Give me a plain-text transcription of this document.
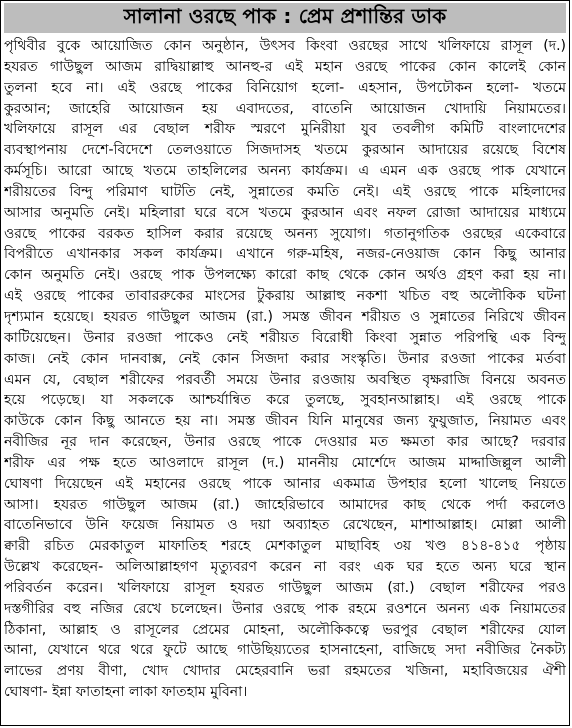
সালানা ওরছে পাক : প্রেম প্রশান্তির ডাক
পৃথিবীর বুকে আয়োজিত কোন অনুষ্ঠান, উৎসব কিংবা ওরছের সাথে খলিফায়ে রাসূল (দ.)
হযরত গাউছুল আজম রাদ্বিয়াল্লাহু আনহু-র এই মহান ওরছে পাকের কোন কালেই কোন
তুলনা হবে না। এই ওরছে পাকের বিনিয়োগ হলো- এহসান, উপঢৌকন হলো- খতমে
কুরআন; জাহেরি আয়োজন হয় এবাদতের, বাতেনি আয়োজন খোদায়ি নিয়ামতের।
খলিফায়ে রাসূল এর বেছাল শরীফ স্মরণে মুনিরীয়া যুব তবলীগ কমিটি বাংলাদেশের
ব্যবস্থাপনায় দেশে-বিদেশে তেলওয়াতে সিজদাসহ খতমে কুরআন আদায়ের রয়েছে বিশেষ
কর্মসূচি। আরো আছে খতমে তাহলিলের অনন্য কার্যক্রম। এ এমন এক ওরছে পাক যেখানে
শরীয়তের বিন্দু পরিমাণ ঘাটতি নেই, সুন্নাতের কমতি নেই। এই ওরছে পাকে মহিলাদের
আসার অনুমতি নেই। মহিলারা ঘরে বসে খতমে কুরআন এবং নফল রোজা আদায়ের মাধ্যমে
ওরছে পাকের বরকত হাসিল করার রয়েছে অনন্য সুযোগ। গতানুগতিক ওরছের একেবারে
বিপরীতে এখানকার সকল কার্যক্রম। এখানে গরু-মহিষ, নজর-নেওয়াজ কোন কিছু আনার
কোন অনুমতি নেই। ওরছে পাক উপলক্ষ্যে কারো কাছ থেকে কোন অর্থও গ্রহণ করা হয় না।
এই ওরছে পাকের তাবাররুকের মাংসের টুকরায় আল্লাহু নকশা খচিত বহু অলৌকিক ঘটনা
দৃশ্যমান হয়েছে। হযরত গাউছুল আজম (রা.) সমস্ত জীবন শরীয়ত ও সুন্নাতের নিরিখে জীবন
কাটিয়েছেন। উনার রওজা পাকেও নেই শরীয়ত বিরোধী কিংবা সুন্নাত পরিপন্থি এক বিন্দু
কাজ। নেই কোন দানবাক্স, নেই কোন সিজদা করার সংস্কৃতি। উনার রওজা পাকের মর্তবা
এমন যে, বেছাল শরীফের পরবর্তী সময়ে উনার রওজায় অবস্থিত বৃক্ষরাজি বিনয়ে অবনত
হয়ে পড়েছে। যা সকলকে আশ্চর্যান্বিত করে তুলছে, সুবহানআল্লাহ। এই ওরছে পাকে
কাউকে কোন কিছু আনতে হয় না। সমস্ত জীবন যিনি মানুষের জন্য ফুয়ুজাত, নিয়ামত এবং
নবীজির নূর দান করেছেন, উনার ওরছে পাকে দেওয়ার মত ক্ষমতা কার আছে? দরবার
শরীফ এর পক্ষ হতে আওলাদে রাসূল (দ.) মাননীয় মোর্শেদে আজম মাদ্দাজিল্লুল আলী
ঘোষণা দিয়েছেন এই মহানের ওরছে পাকে আনার একমাত্র উপহার হলো খালেছ নিয়তে
আসা। হযরত গাউছুল আজম (রা.) জাহেরিভাবে আমাদের কাছ থেকে পর্দা করলেও
বাতেনিভাবে উনি ফয়েজ নিয়ামত ও দয়া অব্যাহত রেখেছেন, মাশাআল্লাহ। মোল্লা আলী
ক্বারী রচিত মেরকাতুল মাফাতিহ শরহে মেশকাতুল মাছাবিহ ৩য় খণ্ড ৪১৪-৪১৫ পৃষ্ঠায়
উল্লেখ করেছেন- অলিআল্লাহগণ মৃত্যুবরণ করেন না বরং এক ঘর হতে অন্য ঘরে স্থান
পরিবর্তন করেন। খলিফায়ে রাসূল হযরত গাউছুল আজম (রা.) বেছাল শরীফের পরও
দস্তগীরির বহু নজির রেখে চলেছেন। উনার ওরছে পাক রহমে রওশনে অনন্য এক নিয়ামতের
ঠিকানা, আল্লাহ ও রাসূলের প্রেমের মোহনা, অলৌকিকত্বে ভরপুর বেছাল শরীফের যোল
আনা, যেখানে থরে থরে ফুটে আছে গাউছিয়্যতের হাসনাহেনা, বাজিছে সদা নবীজির নৈকট্য
লাভের প্রণয় বীণা, খোদ খোদার মেহেরবানি ভরা রহমতের খজিনা, মহাবিজয়ের ঐশী
ঘোষণা- ইন্না ফাতাহনা লাকা ফাতহাম মুবিনা।
